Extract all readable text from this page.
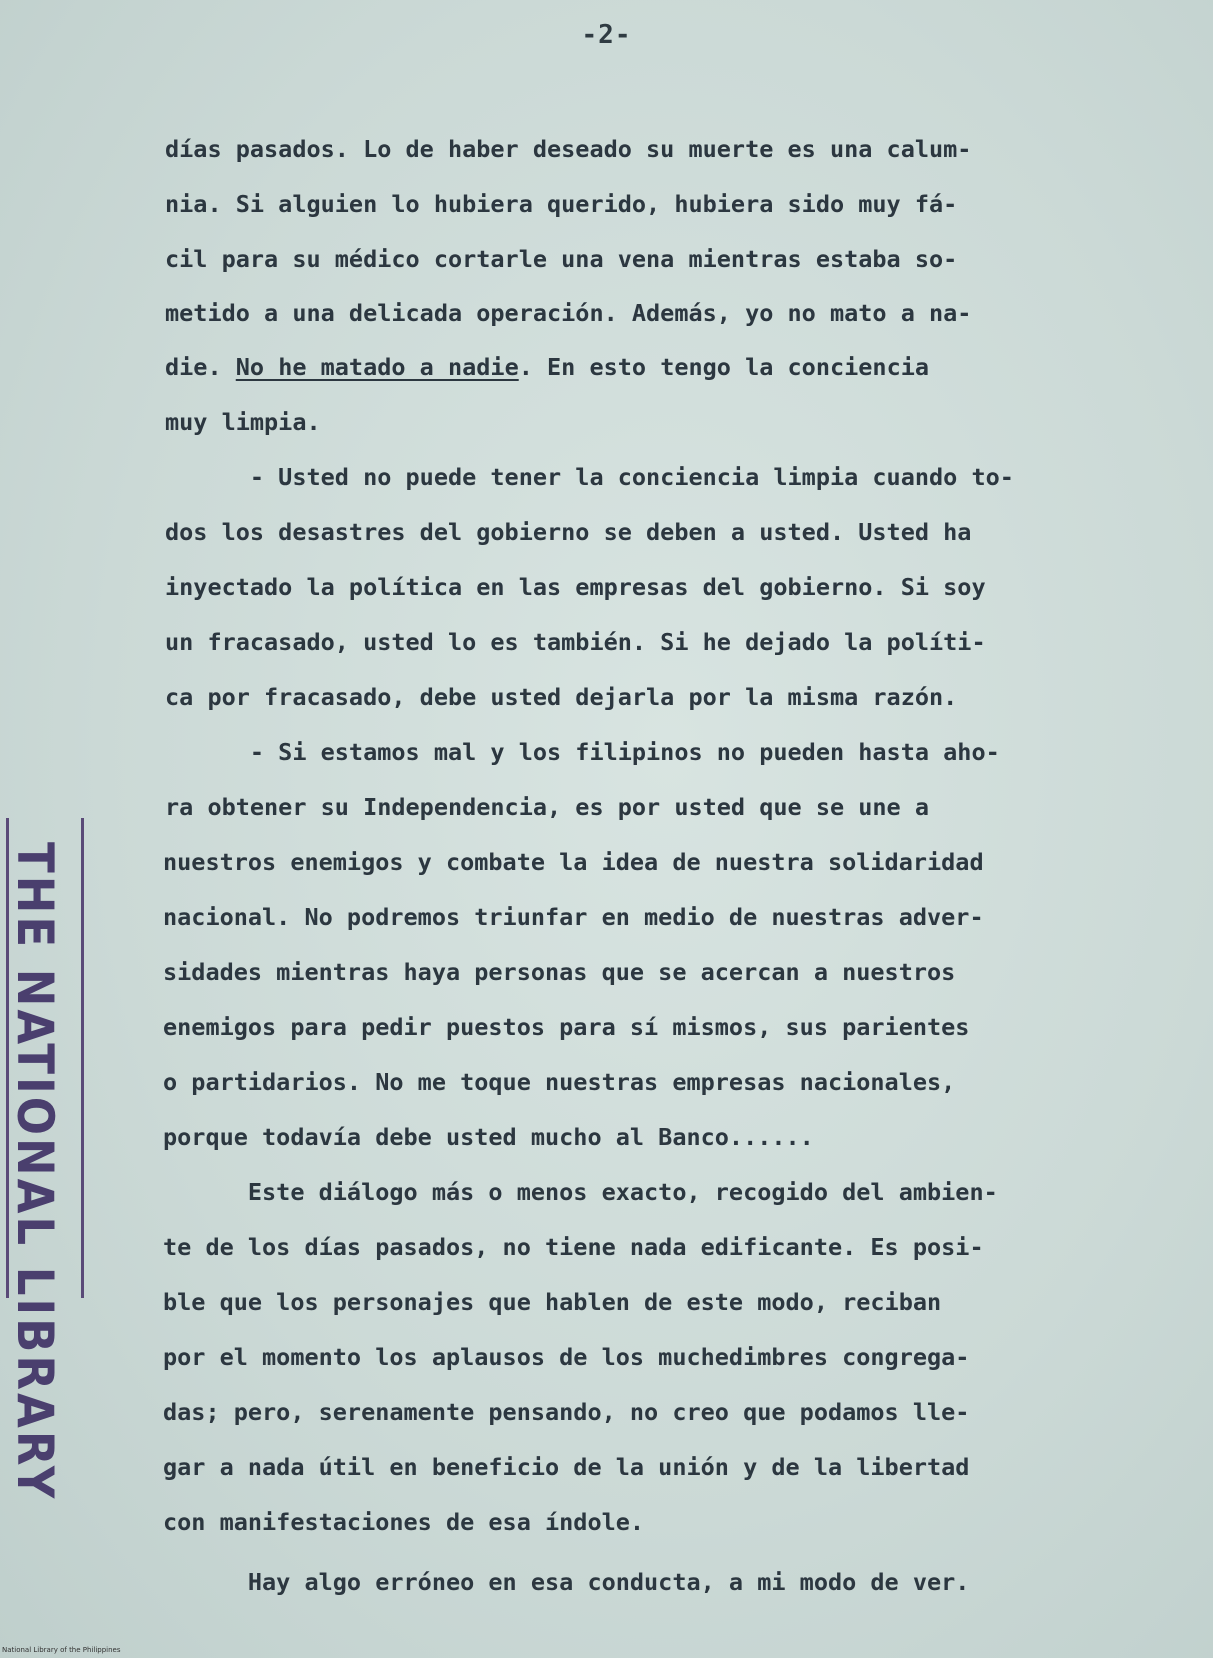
-2-
días pasados. Lo de haber deseado su muerte es una calum-
nia. Si alguien lo hubiera querido, hubiera sido muy fá-
cil para su médico cortarle una vena mientras estaba so-
metido a una delicada operación. Además, yo no mato a na-
die. No he matado a nadie. En esto tengo la conciencia
muy limpia.
- Usted no puede tener la conciencia limpia cuando to-
dos los desastres del gobierno se deben a usted. Usted ha
inyectado la política en las empresas del gobierno. Si soy
un fracasado, usted lo es también. Si he dejado la políti-
ca por fracasado, debe usted dejarla por la misma razón.
- Si estamos mal y los filipinos no pueden hasta aho-
ra obtener su Independencia, es por usted que se une a
nuestros enemigos y combate la idea de nuestra solidaridad
nacional. No podremos triunfar en medio de nuestras adver-
sidades mientras haya personas que se acercan a nuestros
enemigos para pedir puestos para sí mismos, sus parientes
o partidarios. No me toque nuestras empresas nacionales,
porque todavía debe usted mucho al Banco......
Este diálogo más o menos exacto, recogido del ambien-
te de los días pasados, no tiene nada edificante. Es posi-
ble que los personajes que hablen de este modo, reciban
por el momento los aplausos de los muchedimbres congrega-
das; pero, serenamente pensando, no creo que podamos lle-
gar a nada útil en beneficio de la unión y de la libertad
con manifestaciones de esa índole.
Hay algo erróneo en esa conducta, a mi modo de ver.
THE NATIONAL LIBRARY
National Library of the Philippines
